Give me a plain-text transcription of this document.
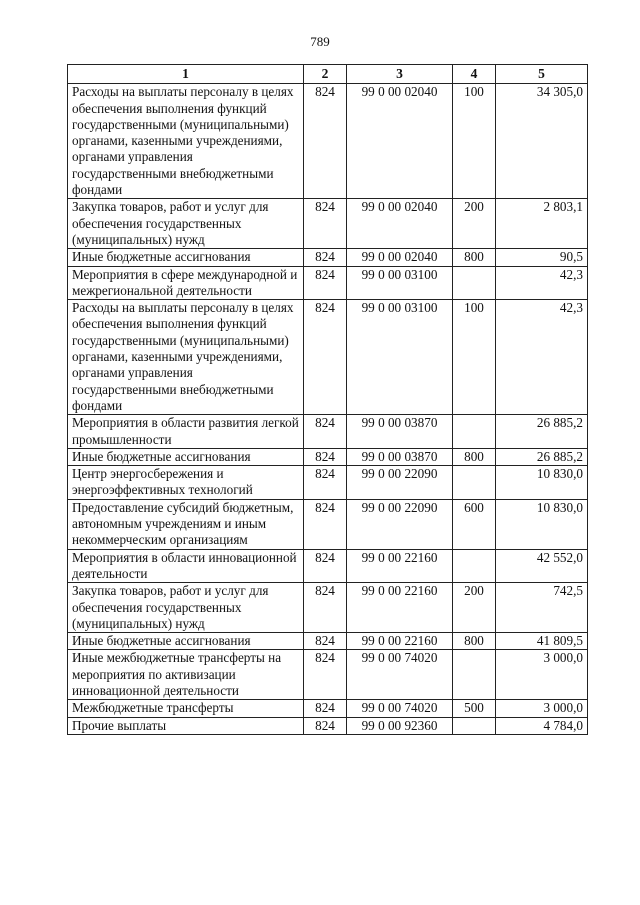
789
1	2	3	4	5
Расходы на выплаты персоналу в целях обеспечения выполнения функций государственными (муниципальными) органами, казенными учреждениями, органами управления государственными внебюджетными фондами	824	99 0 00 02040	100	34 305,0
Закупка товаров, работ и услуг для обеспечения государственных (муниципальных) нужд	824	99 0 00 02040	200	2 803,1
Иные бюджетные ассигнования	824	99 0 00 02040	800	90,5
Мероприятия в сфере международной и межрегиональной деятельности	824	99 0 00 03100		42,3
Расходы на выплаты персоналу в целях обеспечения выполнения функций государственными (муниципальными) органами, казенными учреждениями, органами управления государственными внебюджетными фондами	824	99 0 00 03100	100	42,3
Мероприятия в области развития легкой промышленности	824	99 0 00 03870		26 885,2
Иные бюджетные ассигнования	824	99 0 00 03870	800	26 885,2
Центр энергосбережения и энергоэффективных технологий	824	99 0 00 22090		10 830,0
Предоставление субсидий бюджетным, автономным учреждениям и иным некоммерческим организациям	824	99 0 00 22090	600	10 830,0
Мероприятия в области инновационной деятельности	824	99 0 00 22160		42 552,0
Закупка товаров, работ и услуг для обеспечения государственных (муниципальных) нужд	824	99 0 00 22160	200	742,5
Иные бюджетные ассигнования	824	99 0 00 22160	800	41 809,5
Иные межбюджетные трансферты на мероприятия по активизации инновационной деятельности	824	99 0 00 74020		3 000,0
Межбюджетные трансферты	824	99 0 00 74020	500	3 000,0
Прочие выплаты	824	99 0 00 92360		4 784,0
